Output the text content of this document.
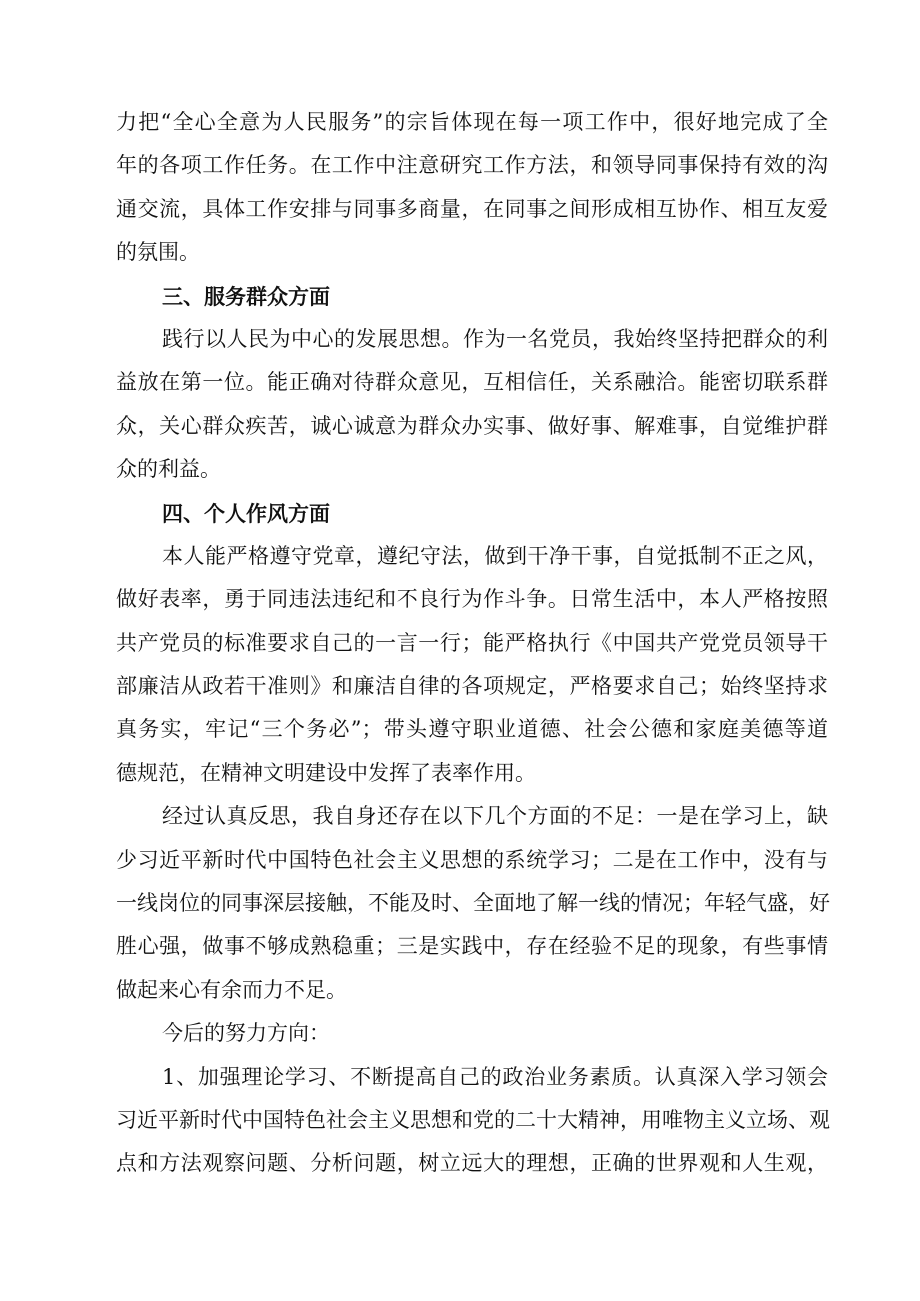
力把“全心全意为人民服务”的宗旨体现在每一项工作中，很好地完成了全
年的各项工作任务。在工作中注意研究工作方法，和领导同事保持有效的沟
通交流，具体工作安排与同事多商量，在同事之间形成相互协作、相互友爱
的氛围。
三、服务群众方面
践行以人民为中心的发展思想。作为一名党员，我始终坚持把群众的利
益放在第一位。能正确对待群众意见，互相信任，关系融洽。能密切联系群
众，关心群众疾苦，诚心诚意为群众办实事、做好事、解难事，自觉维护群
众的利益。
四、个人作风方面
本人能严格遵守党章，遵纪守法，做到干净干事，自觉抵制不正之风，
做好表率，勇于同违法违纪和不良行为作斗争。日常生活中，本人严格按照
共产党员的标准要求自己的一言一行；能严格执行《中国共产党党员领导干
部廉洁从政若干准则》和廉洁自律的各项规定，严格要求自己；始终坚持求
真务实，牢记“三个务必”；带头遵守职业道德、社会公德和家庭美德等道
德规范，在精神文明建设中发挥了表率作用。
经过认真反思，我自身还存在以下几个方面的不足：一是在学习上，缺
少习近平新时代中国特色社会主义思想的系统学习；二是在工作中，没有与
一线岗位的同事深层接触，不能及时、全面地了解一线的情况；年轻气盛，好
胜心强，做事不够成熟稳重；三是实践中，存在经验不足的现象，有些事情
做起来心有余而力不足。
今后的努力方向：
1、加强理论学习、不断提高自己的政治业务素质。认真深入学习领会
习近平新时代中国特色社会主义思想和党的二十大精神，用唯物主义立场、观
点和方法观察问题、分析问题，树立远大的理想，正确的世界观和人生观，
